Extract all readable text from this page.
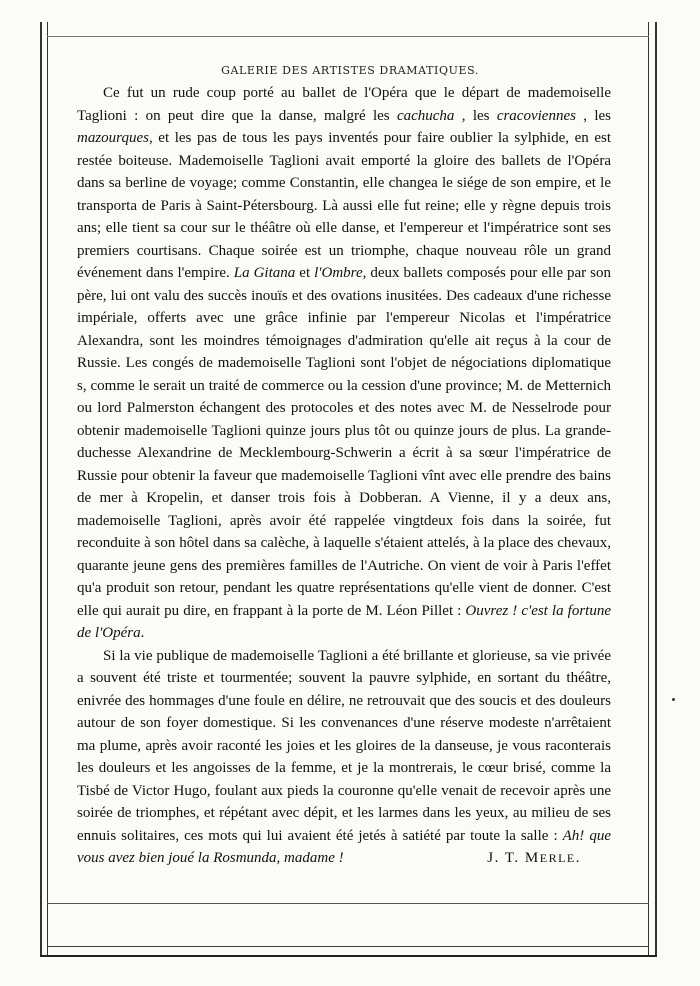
GALERIE DES ARTISTES DRAMATIQUES.

Ce fut un rude coup porté au ballet de l'Opéra que le départ de mademoiselle Taglioni : on peut dire que la danse, malgré les cachucha , les cracoviennes , les mazourques, et les pas de tous les pays inventés pour faire oublier la sylphide, en est restée boiteuse. Mademoiselle Taglioni avait emporté la gloire des ballets de l'Opéra dans sa berline de voyage; comme Constantin, elle changea le siége de son empire, et le transporta de Paris à Saint-Pétersbourg. Là aussi elle fut reine; elle y règne depuis trois ans; elle tient sa cour sur le théâtre où elle danse, et l'empereur et l'impératrice sont ses premiers courtisans. Chaque soirée est un triomphe, chaque nouveau rôle un grand événement dans l'empire. La Gitana et l'Ombre, deux ballets composés pour elle par son père, lui ont valu des succès inouïs et des ovations inusitées. Des cadeaux d'une richesse impériale, offerts avec une grâce infinie par l'empereur Nicolas et l'impératrice Alexandra, sont les moindres témoignages d'admiration qu'elle ait reçus à la cour de Russie. Les congés de mademoiselle Taglioni sont l'objet de négociations diplomatique s, comme le serait un traité de commerce ou la cession d'une province; M. de Metternich ou lord Palmerston échangent des protocoles et des notes avec M. de Nesselrode pour obtenir mademoiselle Taglioni quinze jours plus tôt ou quinze jours de plus. La grande-duchesse Alexandrine de Mecklembourg-Schwerin a écrit à sa sœur l'impératrice de Russie pour obtenir la faveur que mademoiselle Taglioni vînt avec elle prendre des bains de mer à Kropelin, et danser trois fois à Dobberan. A Vienne, il y a deux ans, mademoiselle Taglioni, après avoir été rappelée vingtdeux fois dans la soirée, fut reconduite à son hôtel dans sa calèche, à laquelle s'étaient attelés, à la place des chevaux, quarante jeune gens des premières familles de l'Autriche. On vient de voir à Paris l'effet qu'a produit son retour, pendant les quatre représentations qu'elle vient de donner. C'est elle qui aurait pu dire, en frappant à la porte de M. Léon Pillet : Ouvrez ! c'est la fortune de l'Opéra.

Si la vie publique de mademoiselle Taglioni a été brillante et glorieuse, sa vie privée a souvent été triste et tourmentée; souvent la pauvre sylphide, en sortant du théâtre, enivrée des hommages d'une foule en délire, ne retrouvait que des soucis et des douleurs autour de son foyer domestique. Si les convenances d'une réserve modeste n'arrêtaient ma plume, après avoir raconté les joies et les gloires de la danseuse, je vous raconterais les douleurs et les angoisses de la femme, et je la montrerais, le cœur brisé, comme la Tisbé de Victor Hugo, foulant aux pieds la couronne qu'elle venait de recevoir après une soirée de triomphes, et répétant avec dépit, et les larmes dans les yeux, au milieu de ses ennuis solitaires, ces mots qui lui avaient été jetés à satiété par toute la salle : Ah! que vous avez bien joué la Rosmunda, madame !	J. T. MERLE.
